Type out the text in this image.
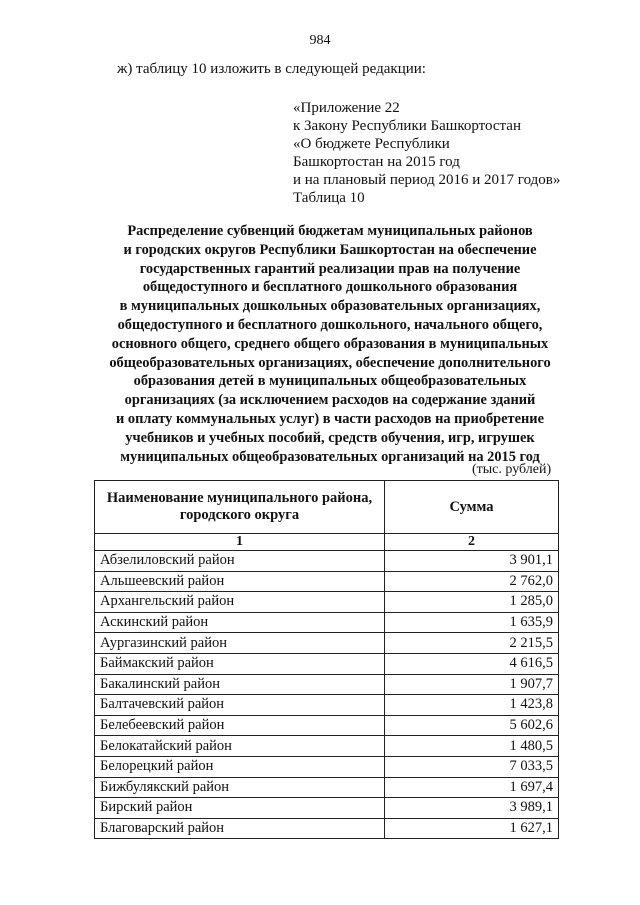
984
ж) таблицу 10 изложить в следующей редакции:
«Приложение 22
к Закону Республики Башкортостан
«О бюджете Республики
Башкортостан на 2015 год
и на плановый период 2016 и 2017 годов»
Таблица 10
Распределение субвенций бюджетам муниципальных районов
и городских округов Республики Башкортостан на обеспечение
государственных гарантий реализации прав на получение
общедоступного и бесплатного дошкольного образования
в муниципальных дошкольных образовательных организациях,
общедоступного и бесплатного дошкольного, начального общего,
основного общего, среднего общего образования в муниципальных
общеобразовательных организациях, обеспечение дополнительного
образования детей в муниципальных общеобразовательных
организациях (за исключением расходов на содержание зданий
и оплату коммунальных услуг) в части расходов на приобретение
учебников и учебных пособий, средств обучения, игр, игрушек
муниципальных общеобразовательных организаций на 2015 год
(тыс. рублей)
Наименование муниципального района, городского округа	Сумма
1	2
Абзелиловский район	3 901,1
Альшеевский район	2 762,0
Архангельский район	1 285,0
Аскинский район	1 635,9
Аургазинский район	2 215,5
Баймакский район	4 616,5
Бакалинский район	1 907,7
Балтачевский район	1 423,8
Белебеевский район	5 602,6
Белокатайский район	1 480,5
Белорецкий район	7 033,5
Бижбулякский район	1 697,4
Бирский район	3 989,1
Благоварский район	1 627,1
